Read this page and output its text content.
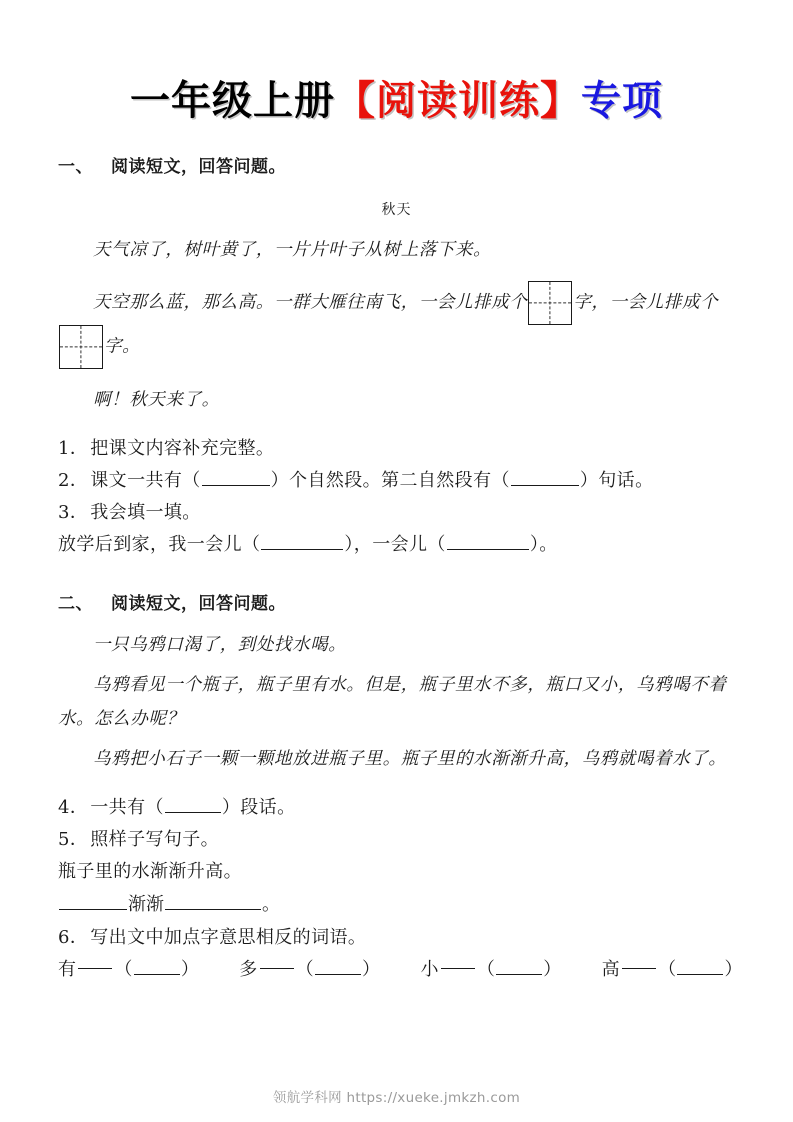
一年级上册【阅读训练】专项
一、 阅读短文，回答问题。
秋天

天气凉了，树叶黄了，一片片叶子从树上落下来。

天空那么蓝，那么高。一群大雁往南飞，一会儿排成个	字，一会儿排成个字。

啊！秋天来了。

1． 把课文内容补充完整。
2． 课文一共有（	）个自然段。第二自然段有（	）句话。
3． 我会填一填。
放学后到家，我一会儿（	），一会儿（	）。
二、 阅读短文，回答问题。

一只乌鸦口渴了，到处找水喝。

乌鸦看见一个瓶子，瓶子里有水。但是，瓶子里水不多，瓶口又小，乌鸦喝不着水。怎么办呢？

乌鸦把小石子一颗一颗地放进瓶子里。瓶子里的水渐渐升高，乌鸦就喝着水了。

4． 一共有（	）段话。
5． 照样子写句子。
瓶子里的水渐渐升高。
渐渐	。
6． 写出文中加点字意思相反的词语。
有 （	） 多 （	） 小 （	） 高 （	）
领航学科网 https://xueke.jmkzh.com
